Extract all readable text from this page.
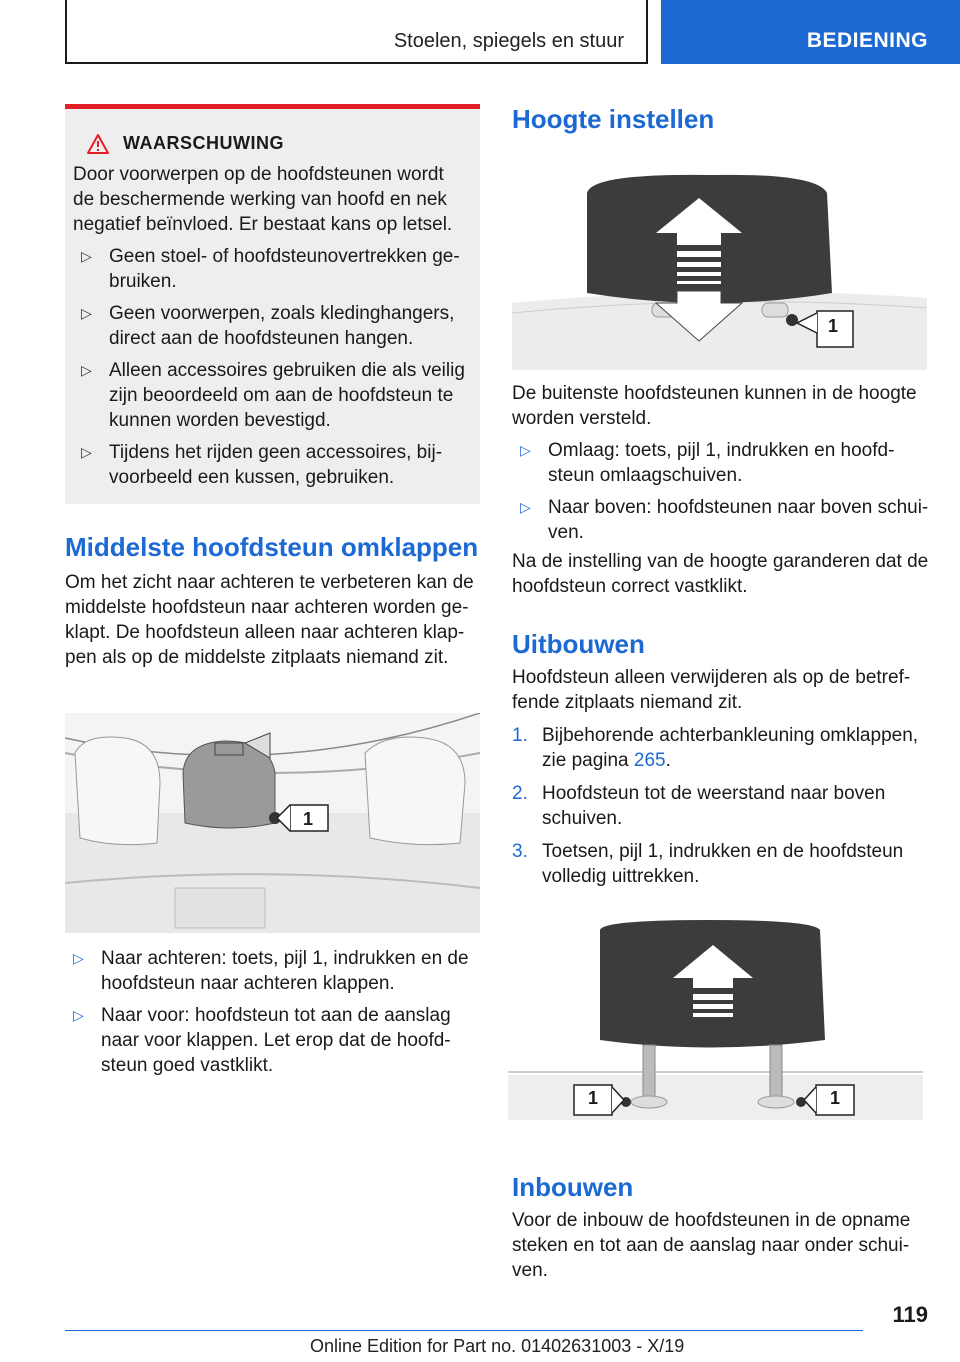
Stoelen, spiegels en stuur	BEDIENING
WAARSCHUWING

Door voorwerpen op de hoofdsteunen wordt de beschermende werking van hoofd en nek negatief beïnvloed. Er bestaat kans op letsel.

▷ Geen stoel- of hoofdsteunovertrekken ge-bruiken.
▷ Geen voorwerpen, zoals kledinghangers, direct aan de hoofdsteunen hangen.
▷ Alleen accessoires gebruiken die als veilig zijn beoordeeld om aan de hoofdsteun te kunnen worden bevestigd.
▷ Tijdens het rijden geen accessoires, bij-voorbeeld een kussen, gebruiken.
Middelste hoofdsteun omklappen

Om het zicht naar achteren te verbeteren kan de middelste hoofdsteun naar achteren worden ge-klapt. De hoofdsteun alleen naar achteren klap-pen als op de middelste zitplaats niemand zit.

1
▷ Naar achteren: toets, pijl 1, indrukken en de hoofdsteun naar achteren klappen.
▷ Naar voor: hoofdsteun tot aan de aanslag naar voor klappen. Let erop dat de hoofd-steun goed vastklikt.
Hoogte instellen
1

De buitenste hoofdsteunen kunnen in de hoogte worden versteld.

▷ Omlaag: toets, pijl 1, indrukken en hoofd-steun omlaagschuiven.
▷ Naar boven: hoofdsteunen naar boven schui-ven.

Na de instelling van de hoogte garanderen dat de hoofdsteun correct vastklikt.

Uitbouwen

Hoofdsteun alleen verwijderen als op de betref-fende zitplaats niemand zit.

1. Bijbehorende achterbankleuning omklappen, zie pagina 265.
2. Hoofdsteun tot de weerstand naar boven schuiven.
3. Toetsen, pijl 1, indrukken en de hoofdsteun volledig uittrekken.
1	1
Inbouwen

Voor de inbouw de hoofdsteunen in de opname steken en tot aan de aanslag naar onder schui-ven.

119
Online Edition for Part no. 01402631003 - X/19
